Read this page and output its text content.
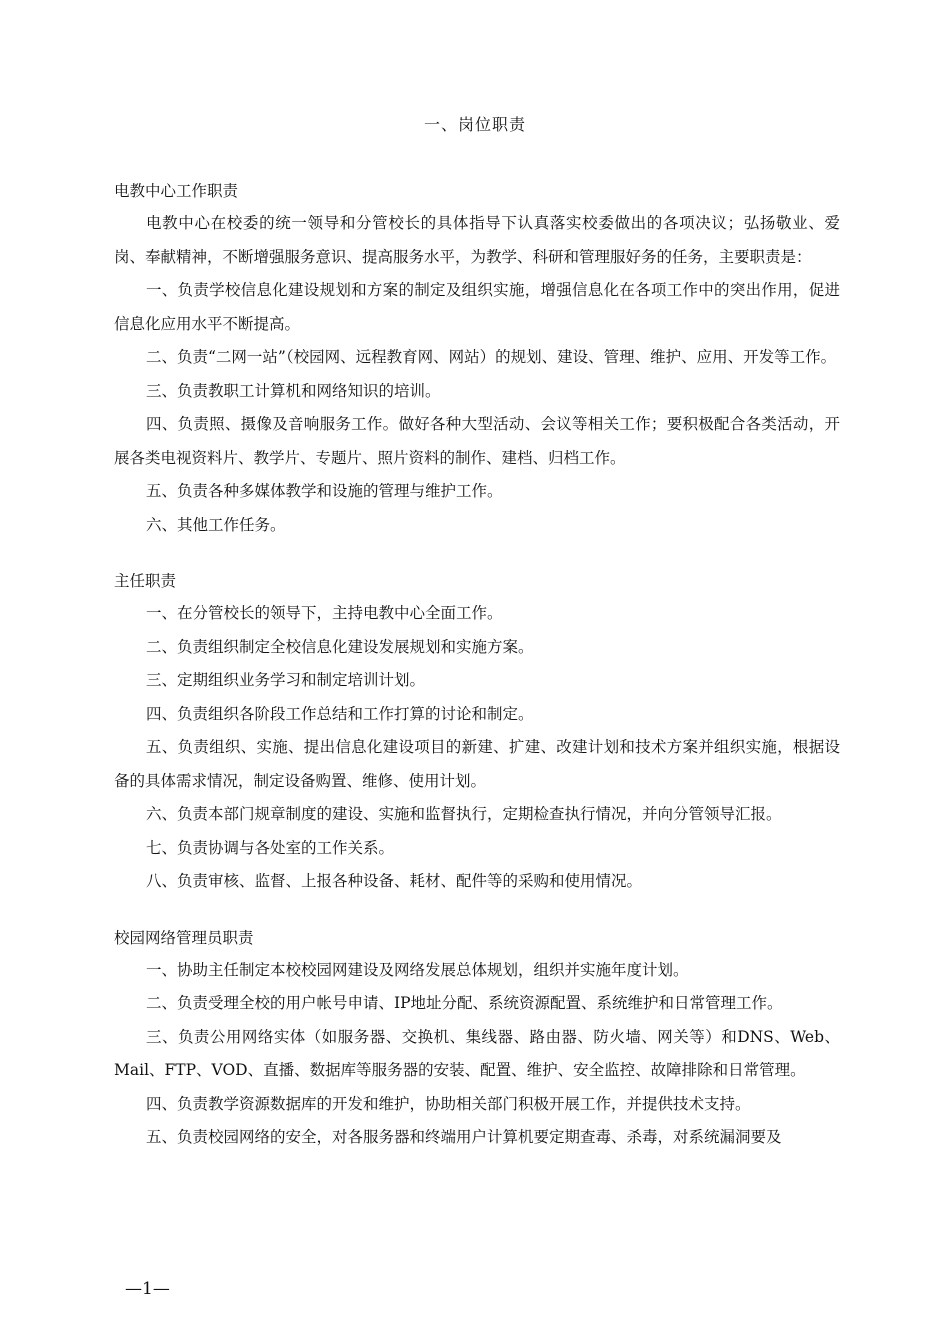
一、岗位职责
电教中心工作职责

电教中心在校委的统一领导和分管校长的具体指导下认真落实校委做出的各项决议；弘扬敬业、爱岗、奉献精神，不断增强服务意识、提高服务水平，为教学、科研和管理服好务的任务，主要职责是：

一、负责学校信息化建设规划和方案的制定及组织实施，增强信息化在各项工作中的突出作用，促进信息化应用水平不断提高。

二、负责“二网一站”（校园网、远程教育网、网站）的规划、建设、管理、维护、应用、开发等工作。

三、负责教职工计算机和网络知识的培训。

四、负责照、摄像及音响服务工作。做好各种大型活动、会议等相关工作；要积极配合各类活动，开展各类电视资料片、教学片、专题片、照片资料的制作、建档、归档工作。

五、负责各种多媒体教学和设施的管理与维护工作。

六、其他工作任务。

主任职责

一、在分管校长的领导下，主持电教中心全面工作。

二、负责组织制定全校信息化建设发展规划和实施方案。

三、定期组织业务学习和制定培训计划。

四、负责组织各阶段工作总结和工作打算的讨论和制定。

五、负责组织、实施、提出信息化建设项目的新建、扩建、改建计划和技术方案并组织实施，根据设备的具体需求情况，制定设备购置、维修、使用计划。

六、负责本部门规章制度的建设、实施和监督执行，定期检查执行情况，并向分管领导汇报。

七、负责协调与各处室的工作关系。

八、负责审核、监督、上报各种设备、耗材、配件等的采购和使用情况。

校园网络管理员职责

一、协助主任制定本校校园网建设及网络发展总体规划，组织并实施年度计划。

二、负责受理全校的用户帐号申请、IP地址分配、系统资源配置、系统维护和日常管理工作。

三、负责公用网络实体（如服务器、交换机、集线器、路由器、防火墙、网关等）和DNS、Web、Mail、FTP、VOD、直播、数据库等服务器的安装、配置、维护、安全监控、故障排除和日常管理。

四、负责教学资源数据库的开发和维护，协助相关部门积极开展工作，并提供技术支持。

五、负责校园网络的安全，对各服务器和终端用户计算机要定期查毒、杀毒，对系统漏洞要及

—1—
